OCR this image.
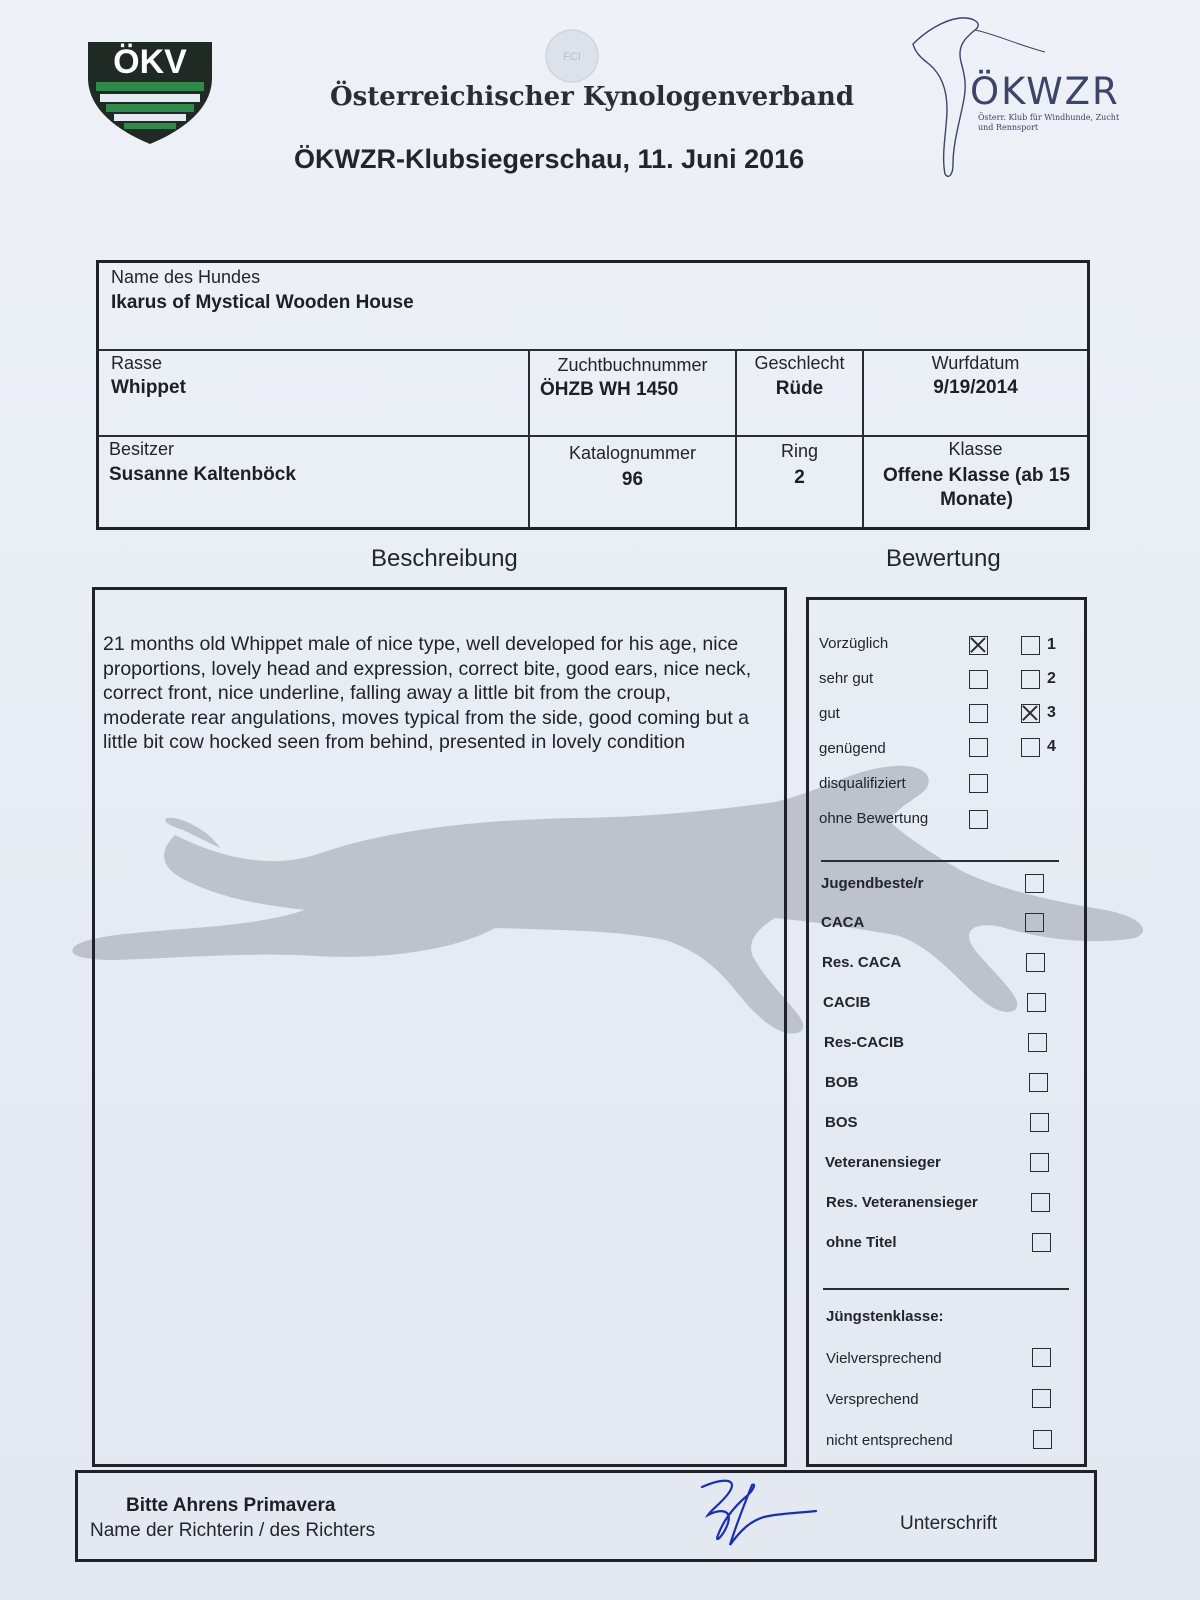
ÖKV	FCI
ÖKWZR
Österr. Klub für Windhunde, Zucht und Rennsport
Österreichischer Kynologenverband
ÖKWZR-Klubsiegerschau, 11. Juni 2016
Name des Hundes
Ikarus of Mystical Wooden House
Rasse
Whippet
Zuchtbuchnummer
ÖHZB WH 1450
Geschlecht
Rüde
Wurfdatum
9/19/2014
Besitzer
Susanne Kaltenböck
Katalognummer
96
Ring
2
Klasse
Offene Klasse (ab 15 Monate)
Beschreibung	Bewertung
21 months old Whippet male of nice type, well developed for his age, nice proportions, lovely head and expression, correct bite, good ears, nice neck, correct front, nice underline, falling away a little bit from the croup, moderate rear angulations, moves typical from the side, good coming but a little bit cow hocked seen from behind, presented in lovely condition
Vorzüglich	1
sehr gut	2
gut	3
genügend	4
disqualifiziert
ohne Bewertung
Jugendbeste/r
CACA
Res. CACA
CACIB
Res-CACIB
BOB
BOS
Veteranensieger
Res. Veteranensieger
ohne Titel
Jüngstenklasse:
Vielversprechend
Versprechend
nicht entsprechend
Bitte Ahrens Primavera
Name der Richterin / des Richters	Unterschrift
